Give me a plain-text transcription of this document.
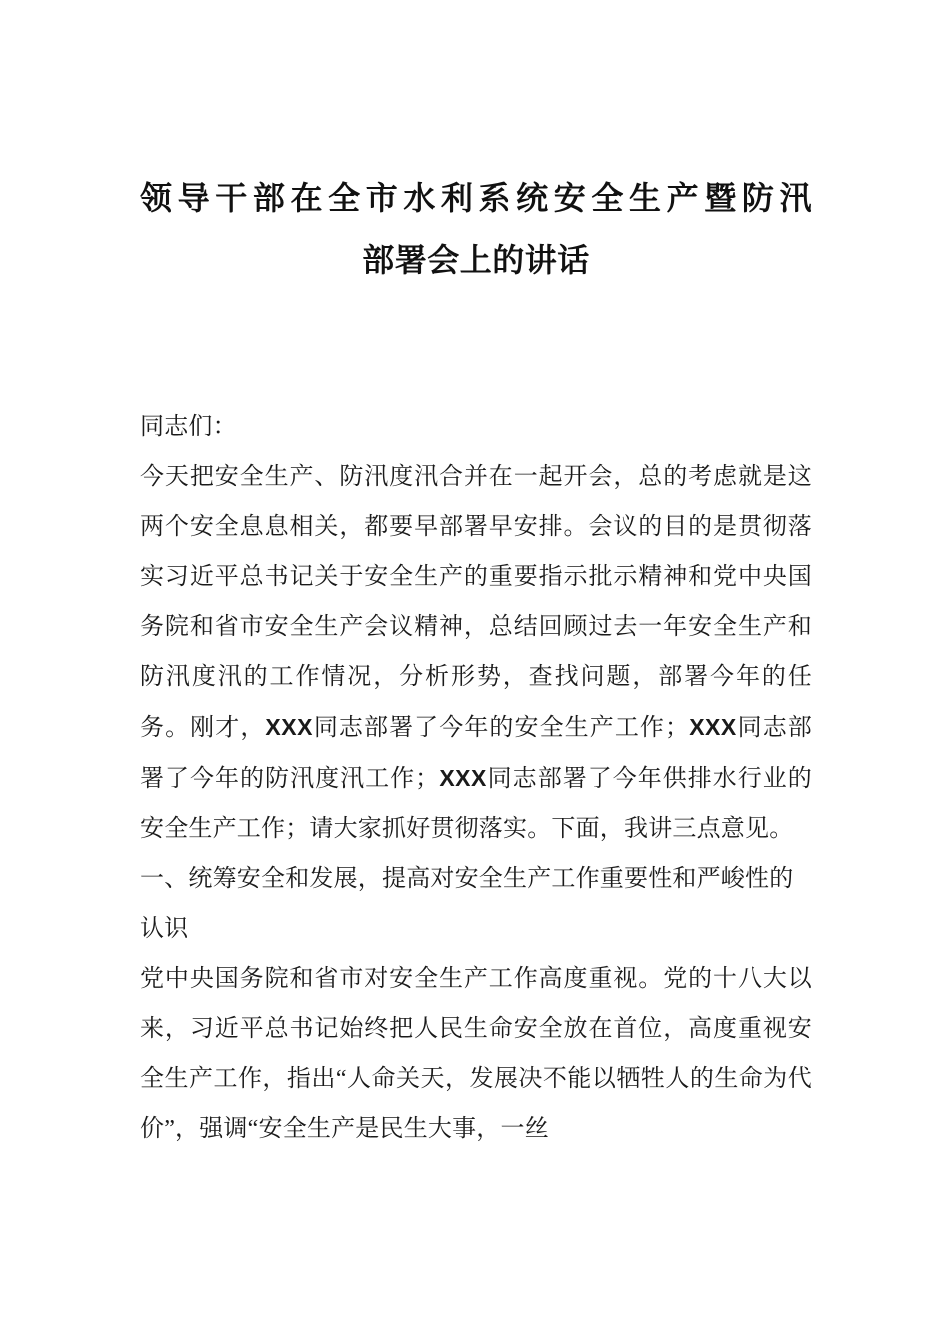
领导干部在全市水利系统安全生产暨防汛
部署会上的讲话

同志们：

今天把安全生产、防汛度汛合并在一起开会，总的考虑就是这两个安全息息相关，都要早部署早安排。会议的目的是贯彻落实习近平总书记关于安全生产的重要指示批示精神和党中央国务院和省市安全生产会议精神，总结回顾过去一年安全生产和防汛度汛的工作情况，分析形势，查找问题，部署今年的任务。刚才，XXX同志部署了今年的安全生产工作；XXX同志部署了今年的防汛度汛工作；XXX同志部署了今年供排水行业的安全生产工作；请大家抓好贯彻落实。下面，我讲三点意见。

一、统筹安全和发展，提高对安全生产工作重要性和严峻性的认识

党中央国务院和省市对安全生产工作高度重视。党的十八大以来，习近平总书记始终把人民生命安全放在首位，高度重视安全生产工作，指出“人命关天，发展决不能以牺牲人的生命为代价”，强调“安全生产是民生大事，一丝
